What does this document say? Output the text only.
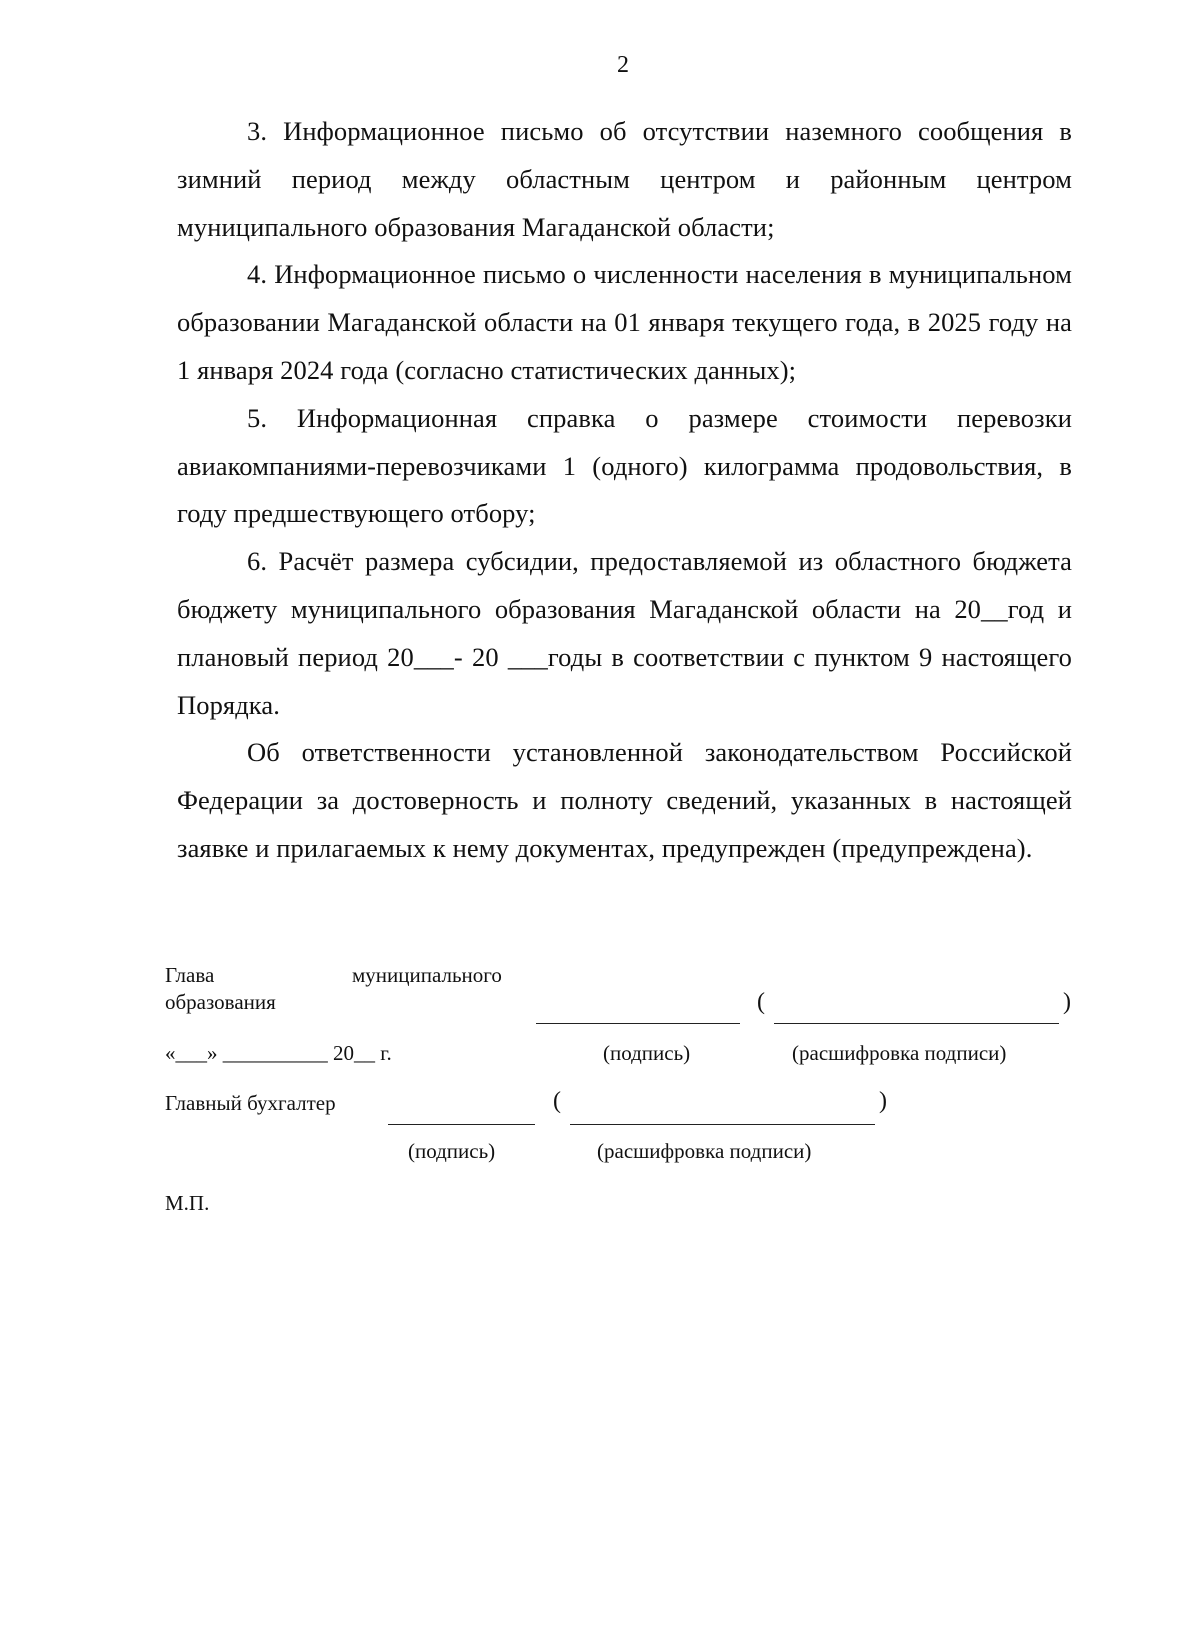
2

3. Информационное письмо об отсутствии наземного сообщения в зимний период между областным центром и районным центром муниципального образования Магаданской области;

4. Информационное письмо о численности населения в муниципальном образовании Магаданской области на 01 января текущего года, в 2025 году на 1 января 2024 года (согласно статистических данных);

5. Информационная справка о размере стоимости перевозки авиакомпаниями-перевозчиками 1 (одного) килограмма продовольствия, в году предшествующего отбору;

6. Расчёт размера субсидии, предоставляемой из областного бюджета бюджету муниципального образования Магаданской области на 20__год и плановый период 20___- 20 ___годы в соответствии с пунктом 9 настоящего Порядка.

Об ответственности установленной законодательством Российской Федерации за достоверность и полноту сведений, указанных в настоящей заявке и прилагаемых к нему документах, предупрежден (предупреждена).

Глава	муниципального
образования	(	)
«___» __________ 20__ г.	(подпись)	(расшифровка подписи)
Главный бухгалтер	(	)
(подпись)	(расшифровка подписи)
М.П.
